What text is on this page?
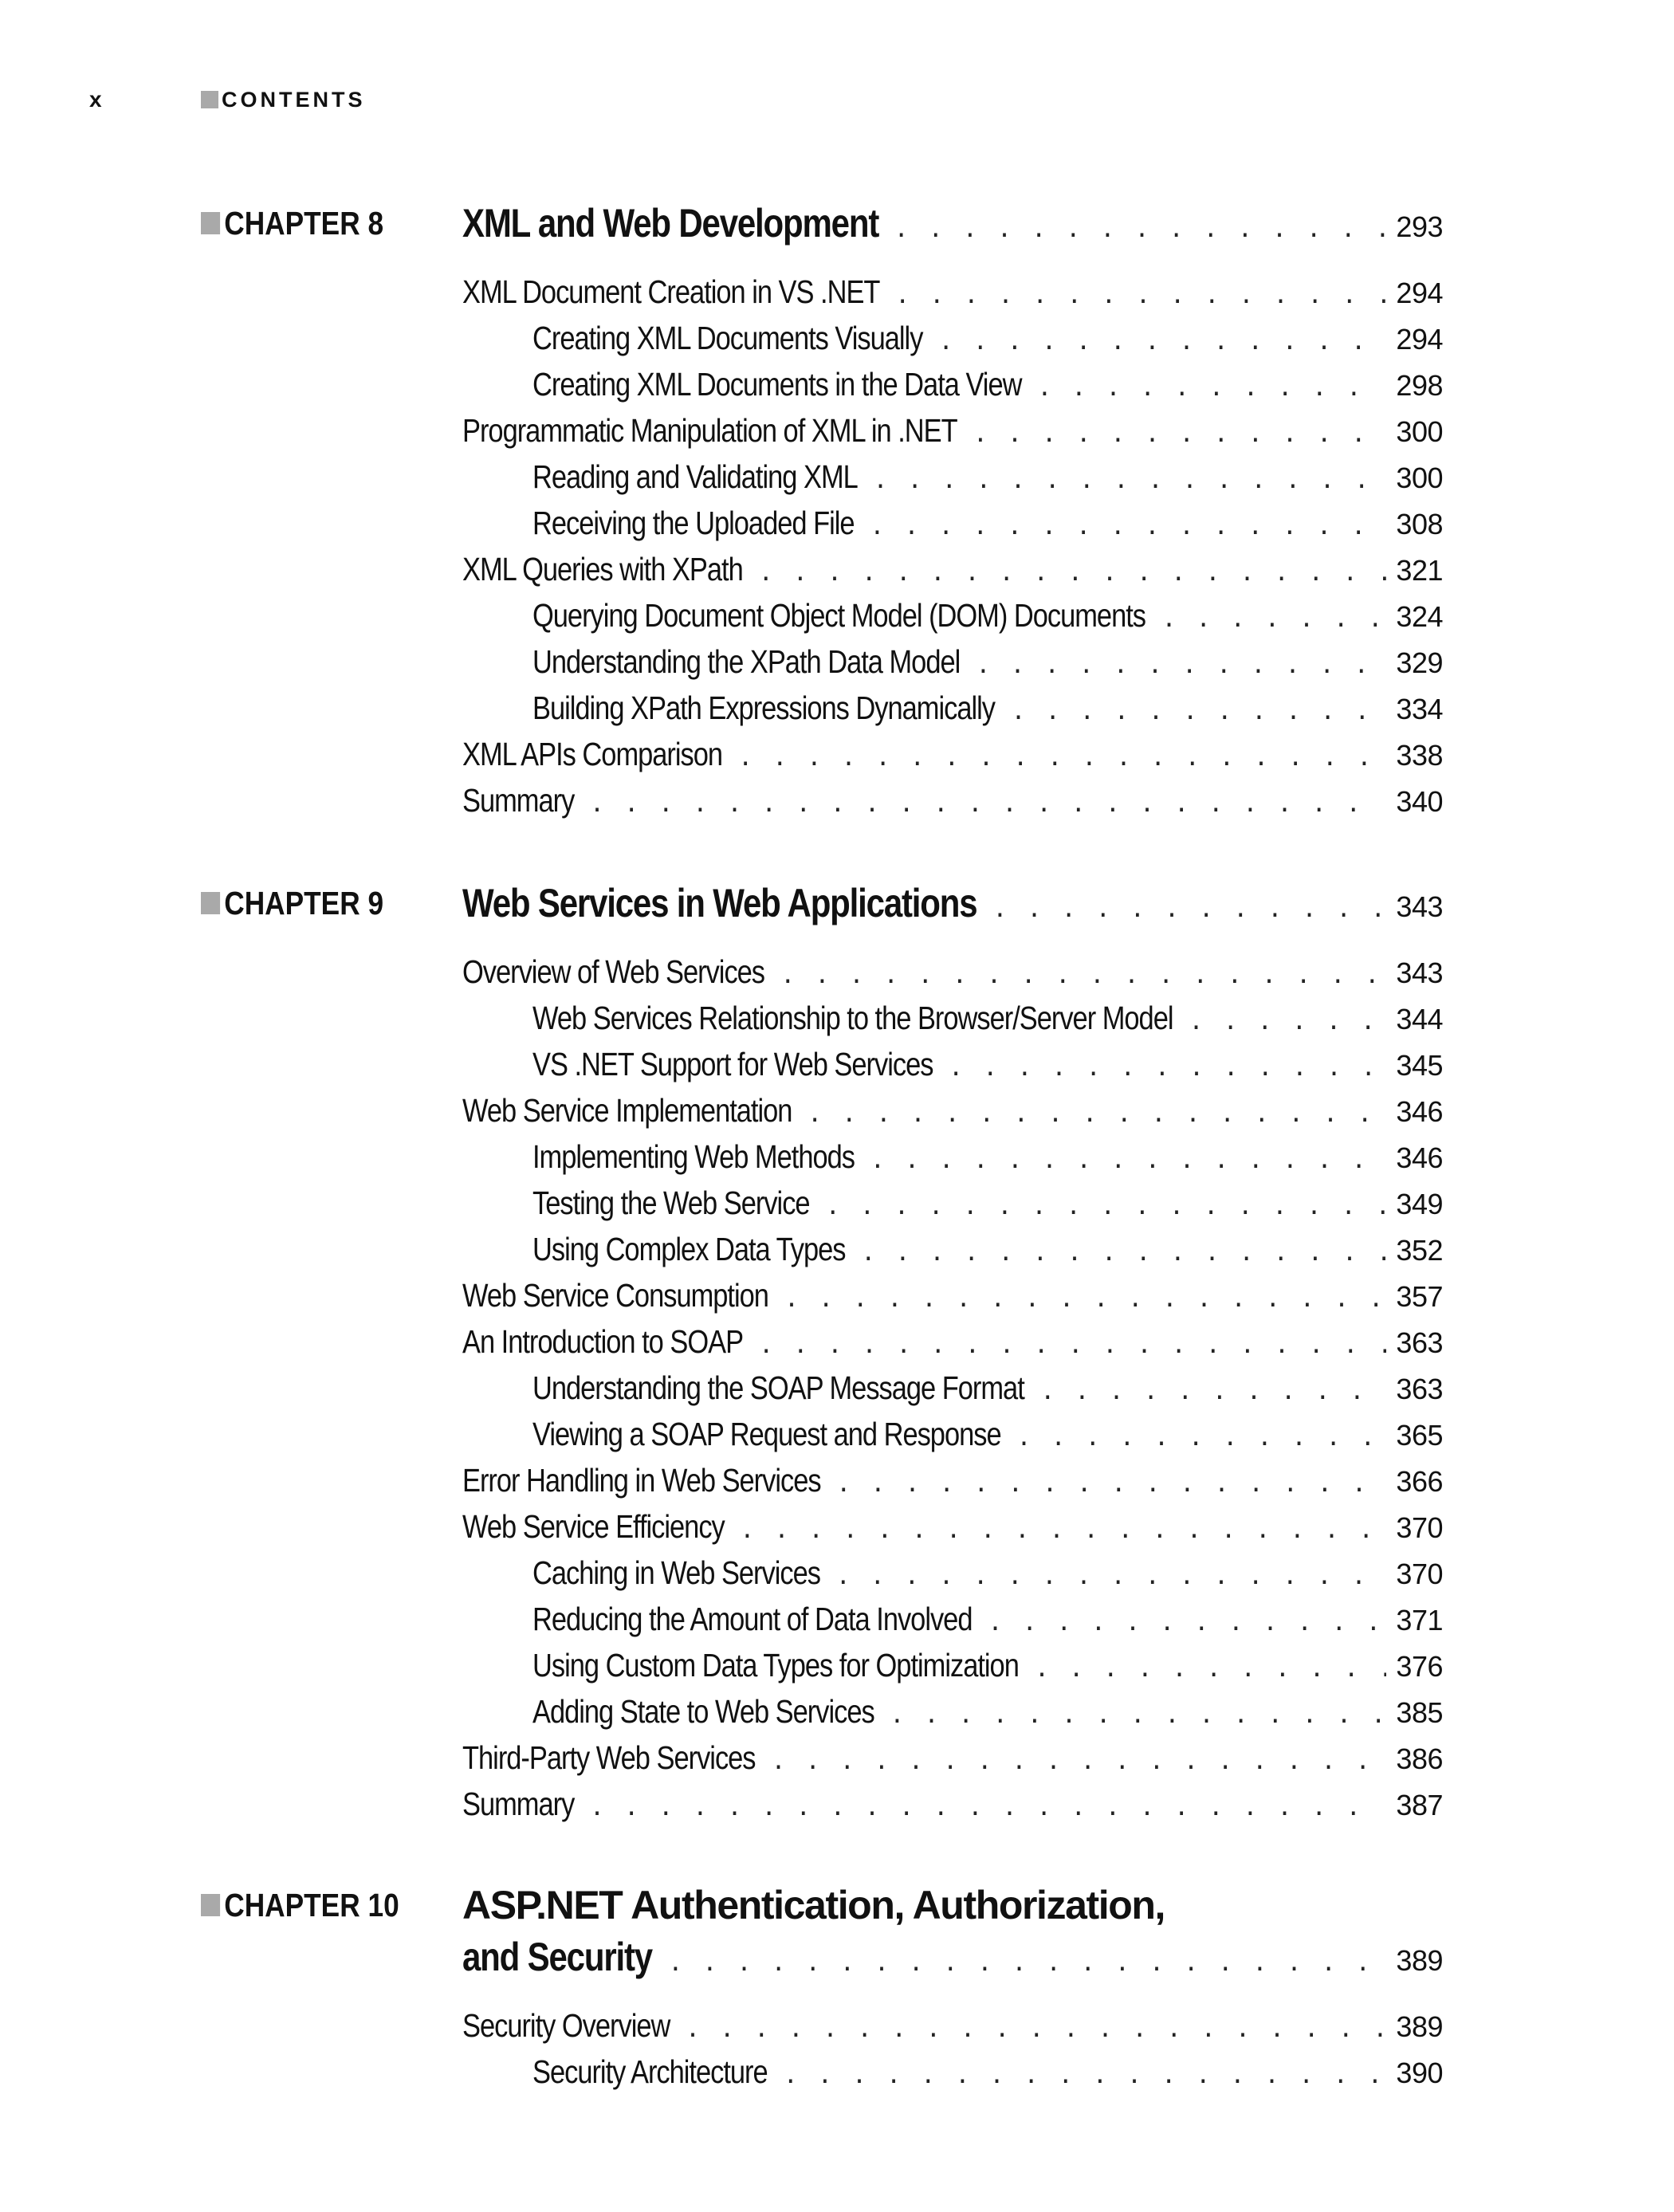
x	CONTENTS
CHAPTER 8 XML and Web Development . . .	293
XML Document Creation in VS .NET . . .	294
Creating XML Documents Visually . . .	294
Creating XML Documents in the Data View . . .	298
Programmatic Manipulation of XML in .NET . . .	300
Reading and Validating XML . . .	300
Receiving the Uploaded File . . .	308
XML Queries with XPath . . .	321
Querying Document Object Model (DOM) Documents . . .	324
Understanding the XPath Data Model . . .	329
Building XPath Expressions Dynamically . . .	334
XML APIs Comparison . . .	338
Summary . . .	340
CHAPTER 9 Web Services in Web Applications . . .	343
Overview of Web Services . . .	343
Web Services Relationship to the Browser/Server Model . . .	344
VS .NET Support for Web Services . . .	345
Web Service Implementation . . .	346
Implementing Web Methods . . .	346
Testing the Web Service . . .	349
Using Complex Data Types . . .	352
Web Service Consumption . . .	357
An Introduction to SOAP . . .	363
Understanding the SOAP Message Format . . .	363
Viewing a SOAP Request and Response . . .	365
Error Handling in Web Services . . .	366
Web Service Efficiency . . .	370
Caching in Web Services . . .	370
Reducing the Amount of Data Involved . . .	371
Using Custom Data Types for Optimization . . .	376
Adding State to Web Services . . .	385
Third-Party Web Services . . .	386
Summary . . .	387
CHAPTER 10 ASP.NET Authentication, Authorization,
and Security . . .	389
Security Overview . . .	389
Security Architecture . . .	390
